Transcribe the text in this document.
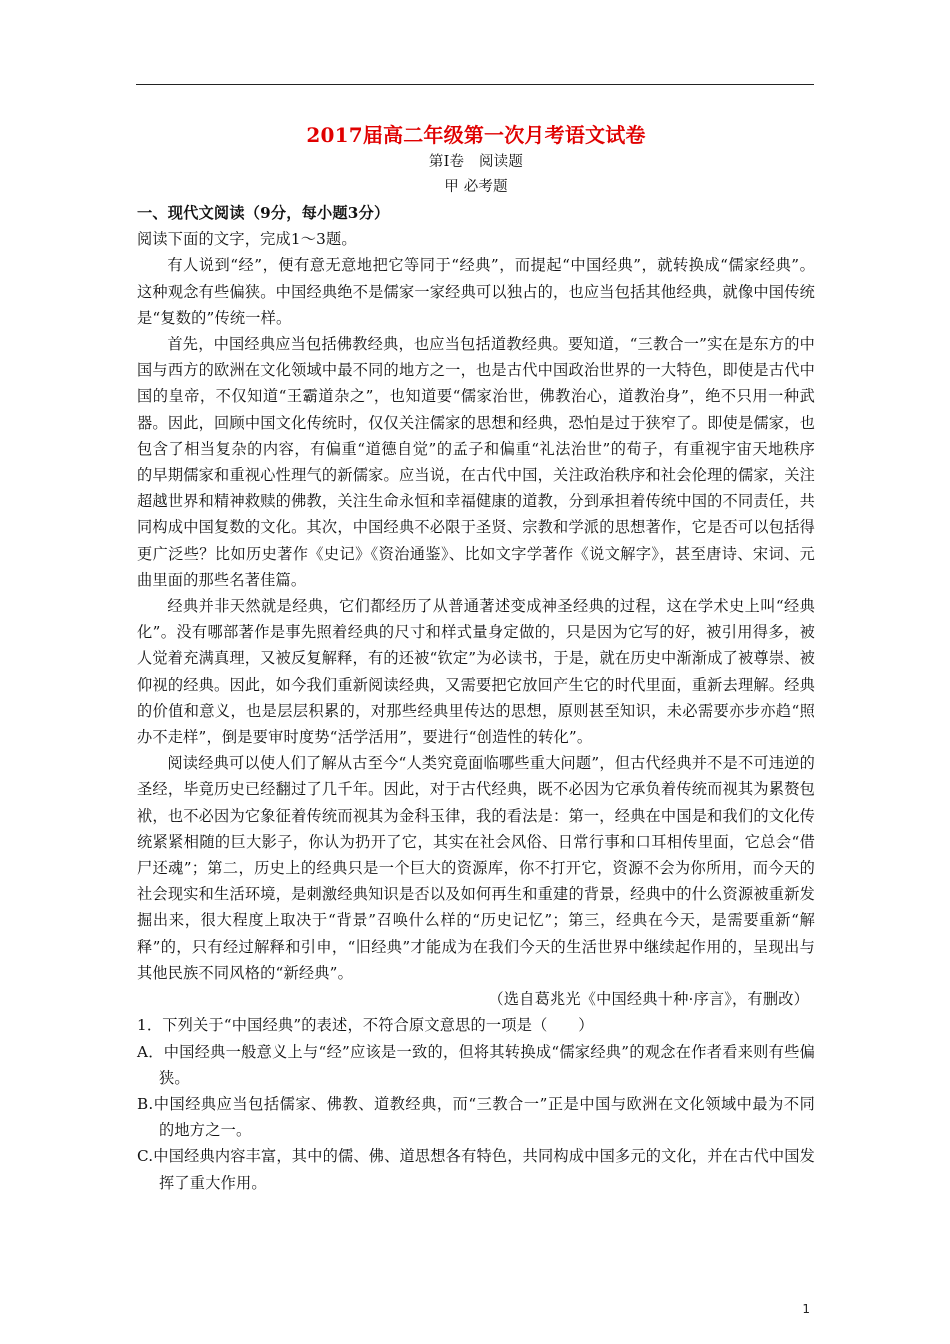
2017届高二年级第一次月考语文试卷

第Ⅰ卷　阅读题

甲 必考题

一、现代文阅读（9分，每小题3分）

阅读下面的文字，完成1～3题。

有人说到“经”，便有意无意地把它等同于“经典”，而提起“中国经典”，就转换成“儒家经典”。这种观念有些偏狭。中国经典绝不是儒家一家经典可以独占的，也应当包括其他经典，就像中国传统是“复数的”传统一样。

首先，中国经典应当包括佛教经典，也应当包括道教经典。要知道，“三教合一”实在是东方的中国与西方的欧洲在文化领域中最不同的地方之一，也是古代中国政治世界的一大特色，即使是古代中国的皇帝，不仅知道“王霸道杂之”，也知道要“儒家治世，佛教治心，道教治身”，绝不只用一种武器。因此，回顾中国文化传统时，仅仅关注儒家的思想和经典，恐怕是过于狭窄了。即使是儒家，也包含了相当复杂的内容，有偏重“道德自觉”的孟子和偏重“礼法治世”的荀子，有重视宇宙天地秩序的早期儒家和重视心性理气的新儒家。应当说，在古代中国，关注政治秩序和社会伦理的儒家，关注超越世界和精神救赎的佛教，关注生命永恒和幸福健康的道教，分到承担着传统中国的不同责任，共同构成中国复数的文化。其次，中国经典不必限于圣贤、宗教和学派的思想著作，它是否可以包括得更广泛些？比如历史著作《史记》《资治通鉴》、比如文字学著作《说文解字》，甚至唐诗、宋词、元曲里面的那些名著佳篇。

经典并非天然就是经典，它们都经历了从普通著述变成神圣经典的过程，这在学术史上叫“经典化”。没有哪部著作是事先照着经典的尺寸和样式量身定做的，只是因为它写的好，被引用得多，被人觉着充满真理，又被反复解释，有的还被“钦定”为必读书，于是，就在历史中渐渐成了被尊崇、被仰视的经典。因此，如今我们重新阅读经典，又需要把它放回产生它的时代里面，重新去理解。经典的价值和意义，也是层层积累的，对那些经典里传达的思想，原则甚至知识，未必需要亦步亦趋“照办不走样”，倒是要审时度势“活学活用”，要进行“创造性的转化”。

阅读经典可以使人们了解从古至今“人类究竟面临哪些重大问题”，但古代经典并不是不可违逆的圣经，毕竟历史已经翻过了几千年。因此，对于古代经典，既不必因为它承负着传统而视其为累赘包袱，也不必因为它象征着传统而视其为金科玉律，我的看法是：第一，经典在中国是和我们的文化传统紧紧相随的巨大影子，你认为扔开了它，其实在社会风俗、日常行事和口耳相传里面，它总会“借尸还魂”；第二，历史上的经典只是一个巨大的资源库，你不打开它，资源不会为你所用，而今天的社会现实和生活环境，是刺激经典知识是否以及如何再生和重建的背景，经典中的什么资源被重新发掘出来，很大程度上取决于“背景”召唤什么样的“历史记忆”；第三，经典在今天，是需要重新“解释”的，只有经过解释和引申，“旧经典”才能成为在我们今天的生活世界中继续起作用的，呈现出与其他民族不同风格的“新经典”。

（选自葛兆光《中国经典十种·序言》，有删改）

1．下列关于“中国经典”的表述，不符合原文意思的一项是（　　）

A．中国经典一般意义上与“经”应该是一致的，但将其转换成“儒家经典”的观念在作者看来则有些偏狭。

B.中国经典应当包括儒家、佛教、道教经典，而“三教合一”正是中国与欧洲在文化领域中最为不同的地方之一。

C.中国经典内容丰富，其中的儒、佛、道思想各有特色，共同构成中国多元的文化，并在古代中国发挥了重大作用。

1
